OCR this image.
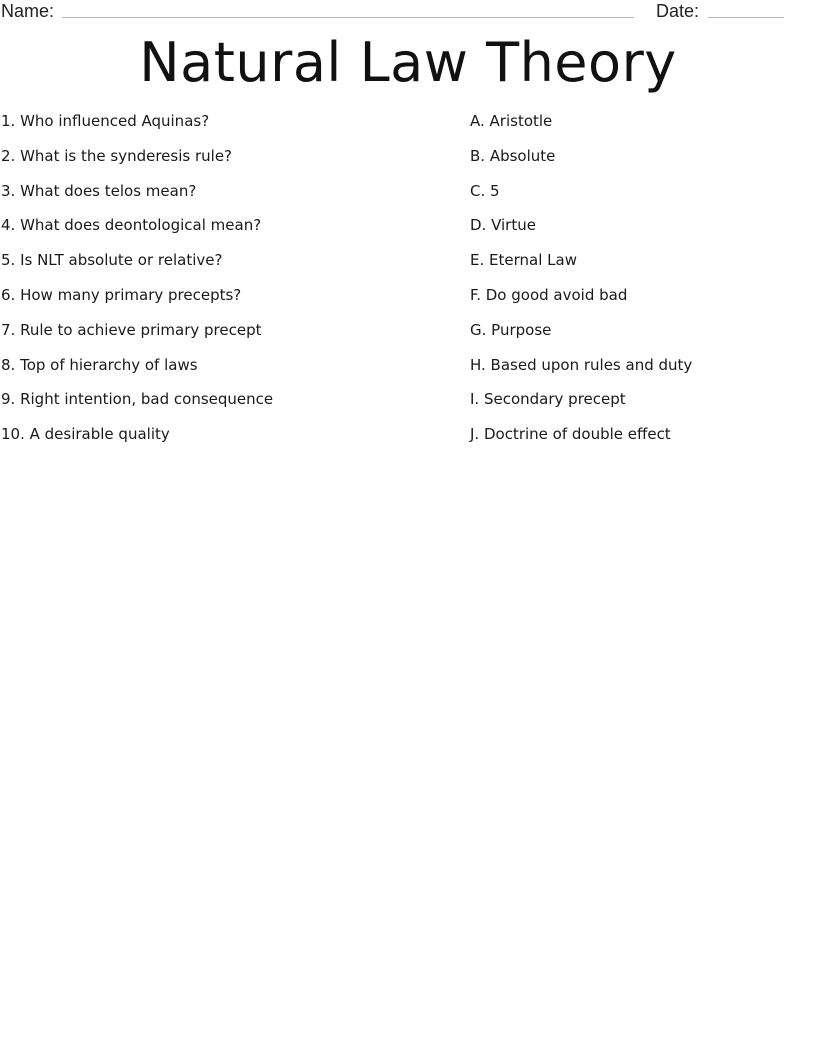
Name:	Date:
Natural Law Theory
1. Who influenced Aquinas?
2. What is the synderesis rule?
3. What does telos mean?
4. What does deontological mean?
5. Is NLT absolute or relative?
6. How many primary precepts?
7. Rule to achieve primary precept
8. Top of hierarchy of laws
9. Right intention, bad consequence
10. A desirable quality
A. Aristotle
B. Absolute
C. 5
D. Virtue
E. Eternal Law
F. Do good avoid bad
G. Purpose
H. Based upon rules and duty
I. Secondary precept
J. Doctrine of double effect
